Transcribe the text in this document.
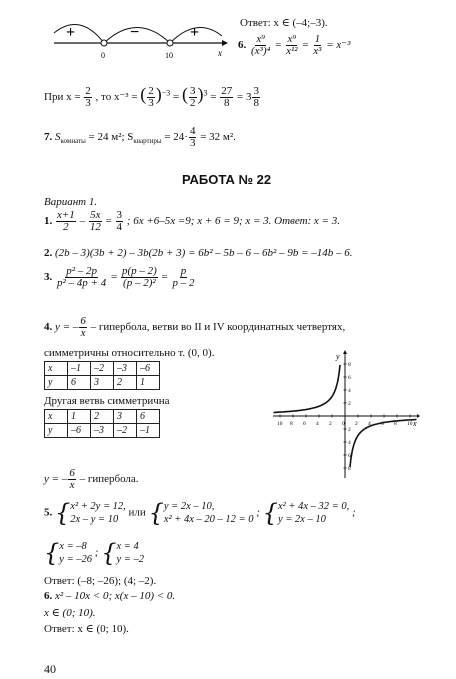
+	−	+
0	10	x
Ответ: x ∈ (–4;–3).
6. $\frac{\text{x⁹}}{\text{(x³)⁴}} = \frac{\text{x⁹}}{\text{x¹²}} = \frac{1}{\text{x³}} = x^{-3}$
При $x = \frac{2}{3}$ , то x⁻³ = ( $\frac{2}{3} )^{-3}$ = ( $\frac{3}{2} )^3 = \frac{27}{8} = 3 \frac{3}{8}$
7. $S_{комнаты} = 24$ м²; $S_{квартиры} = 24\cdot \frac{4}{3} = 32$ м².
РАБОТА № 22
Вариант 1.
1. $\frac{x+1}{2} - \frac{5x}{12} = \frac{3}{4}$ ; 6x +6–5x =9; x + 6 = 9; x = 3. Ответ: x = 3.
2. (2b – 3)(3b + 2) – 3b(2b + 3) = 6b² – 5b – 6 – 6b² – 9b = –14b – 6.
3. $\frac{\text{p² – 2p}}{\text{p² – 4p + 4}} = \frac{p(p - 2)}{\text{(p – 2)²}} = \frac{p}{p - 2}$
4. y = – $\frac{6}{x}$ – гипербола, ветви во II и IV координатных четвертях,
симметричны относительно т. (0, 0).
x	–1	–2	–3	–6
y	6	3	2	1
Другая ветвь симметрична
x	1	2	3	6
y	–6	–3	–2	–1
y
x
10 8 6 4 2 0 2 4 6 8 10
8
6
4
2
2
4
6
8
y = – $\frac{6}{x}$ – гипербола.
5. {x² + 2y = 12,
2x – y = 10 или {y = 2x – 10,
x² + 4x – 20 – 12 = 0 ; {x² + 4x – 32 = 0,
y = 2x – 10 ;
{x = –8
y = –26 ; {x = 4
y = –2
Ответ: (–8; –26); (4; –2).
6. x² – 10x < 0; x(x – 10) < 0.
x ∈ (0; 10).
Ответ: x ∈ (0; 10).
40
